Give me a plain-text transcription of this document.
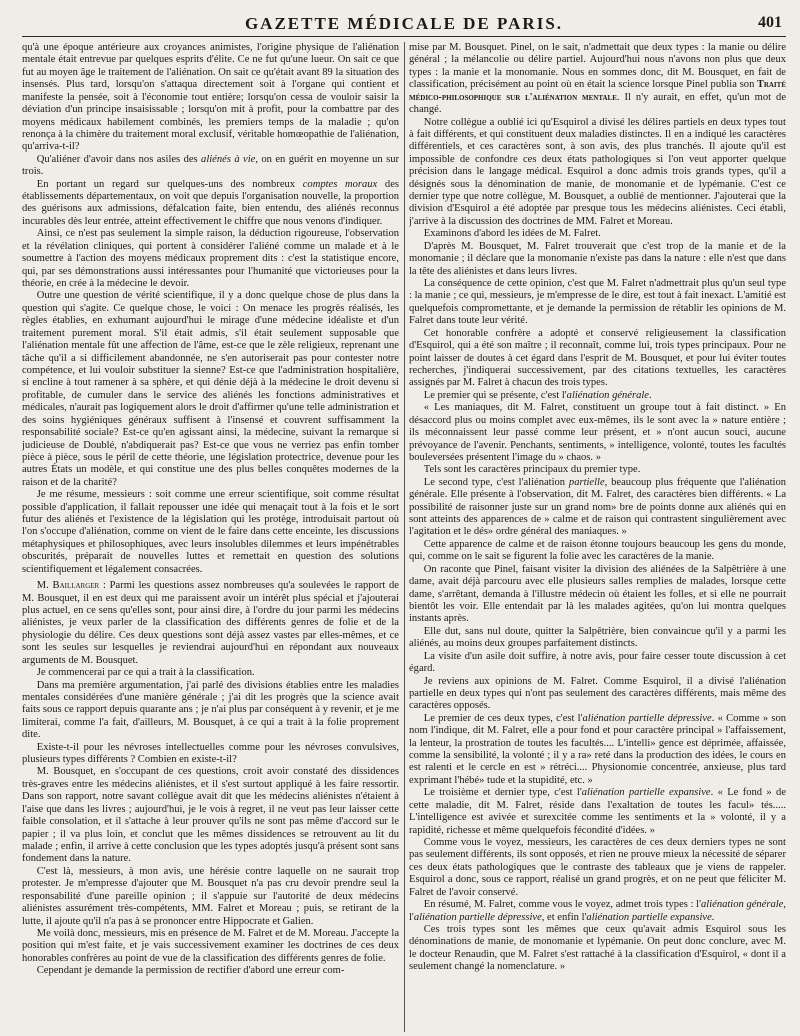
GAZETTE MÉDICALE DE PARIS.	401

qu'à une époque antérieure aux croyances animistes, l'origine physique de l'aliénation mentale était entrevue par quelques esprits d'élite. Ce ne fut qu'une lueur. On sait ce que fut au moyen âge le traitement de l'aliénation. On sait ce qu'était avant 89 la situation des insensés. Plus tard, lorsqu'on s'attaqua directement soit à l'organe qui contient et manifeste la pensée, soit à l'économie tout entière; lorsqu'on cessa de vouloir saisir la déviation d'un principe insaisissable ; lorsqu'on mit à profit, pour la combattre par des moyens médicaux habilement combinés, les premiers temps de la maladie ; qu'on renonça à la chimère du traitement moral exclusif, véritable homœopathie de l'aliénation, qu'arriva-t-il?

Qu'aliéner d'avoir dans nos asiles des aliénés à vie, on en guérit en moyenne un sur trois.

En portant un regard sur quelques-uns des nombreux comptes moraux des établissements départementaux, on voit que depuis l'organisation nouvelle, la proportion des guérisons aux admissions, défalcation faite, bien entendu, des aliénés reconnus incurables dès leur entrée, atteint effectivement le chiffre que nous venons d'indiquer.

Ainsi, ce n'est pas seulement la simple raison, la déduction rigoureuse, l'observation et la révélation cliniques, qui portent à considérer l'aliéné comme un malade et à le soumettre à l'action des moyens médicaux proprement dits : c'est la statistique encore, qui, par ses démonstrations aussi intéressantes pour l'humanité que victorieuses pour la théorie, en crée à la médecine le devoir.

Outre une question de vérité scientifique, il y a donc quelque chose de plus dans la question qui s'agite. Ce quelque chose, le voici : On menace les progrès réalisés, les règles établies, en exhumant aujourd'hui le mirage d'une médecine idéaliste et d'un traitement purement moral. S'il était admis, s'il était seulement supposable que l'aliénation mentale fût une affection de l'âme, est-ce que le zèle religieux, reprenant une tâche qu'il a si difficilement abandonnée, ne s'en autoriserait pas pour contester notre compétence, et lui vouloir substituer la sienne? Est-ce que l'administration hospitalière, si encline à tout ramener à sa sphère, et qui dénie déjà à la médecine le droit devenu si profitable, de cumuler dans le service des aliénés les fonctions administratives et médicales, n'aurait pas logiquement alors le droit d'affirmer qu'une telle administration et des soins hygiéniques généraux suffisent à l'insensé et couvrent suffisamment la responsabilité sociale? Est-ce qu'en agissant ainsi, la médecine, suivant la remarque si judicieuse de Doublé, n'abdiquerait pas? Est-ce que vous ne verriez pas enfin tomber pièce à pièce, sous le péril de cette théorie, une législation protectrice, devenue pour les autres États un modèle, et qui constitue une des plus belles conquêtes modernes de la raison et de la charité?

Je me résume, messieurs : soit comme une erreur scientifique, soit comme résultat possible d'application, il fallait repousser une idée qui menaçait tout à la fois et le sort futur des aliénés et l'existence de la législation qui les protège, introduisait partout où l'on s'occupe d'aliénation, comme on vient de le faire dans cette enceinte, les discussions métaphysiques et philosophiques, avec leurs insolubles dilemmes et leurs impénétrables obscurités, préparait de nouvelles luttes et remettait en question des solutions scientifiquement et légalement consacrées.

M. Baillarger : Parmi les questions assez nombreuses qu'a soulevées le rapport de M. Bousquet, il en est deux qui me paraissent avoir un intérêt plus spécial et j'ajouterai plus actuel, en ce sens qu'elles sont, pour ainsi dire, à l'ordre du jour parmi les médecins aliénistes, je veux parler de la classification des différents genres de folie et de la physiologie du délire. Ces deux questions sont déjà assez vastes par elles-mêmes, et ce sont les seules sur lesquelles je reviendrai aujourd'hui en répondant aux nouveaux arguments de M. Bousquet.

Je commencerai par ce qui a trait à la classification.

Dans ma première argumentation, j'ai parlé des divisions établies entre les maladies mentales considérées d'une manière générale ; j'ai dit les progrès que la science avait faits sous ce rapport depuis quarante ans ; je n'ai plus par conséquent à y revenir, et je me limiterai, comme l'a fait, d'ailleurs, M. Bousquet, à ce qui a trait à la folie proprement dite.

Existe-t-il pour les névroses intellectuelles comme pour les névroses convulsives, plusieurs types différents ? Combien en existe-t-il?

M. Bousquet, en s'occupant de ces questions, croit avoir constaté des dissidences très-graves entre les médecins aliénistes, et il s'est surtout appliqué à les faire ressortir. Dans son rapport, notre savant collègue avait dit que les médecins aliénistes n'étaient à l'aise que dans les livres ; aujourd'hui, je le vois à regret, il ne veut pas leur laisser cette faible consolation, et il s'attache à leur prouver qu'ils ne sont pas même d'accord sur le papier ; il va plus loin, et conclut que les mêmes dissidences se retrouvent au lit du malade ; enfin, il arrive à cette conclusion que les types adoptés jusqu'à présent sont sans fondement dans la nature.

C'est là, messieurs, à mon avis, une hérésie contre laquelle on ne saurait trop protester. Je m'empresse d'ajouter que M. Bousquet n'a pas cru devoir prendre seul la responsabilité d'une pareille opinion ; il s'appuie sur l'autorité de deux médecins aliénistes assurément très-compétents, MM. Falret et Moreau ; puis, se retirant de la lutte, il ajoute qu'il n'a pas à se prononcer entre Hippocrate et Galien.

Me voilà donc, messieurs, mis en présence de M. Falret et de M. Moreau. J'accepte la position qui m'est faite, et je vais successivement examiner les doctrines de ces deux honorables confrères au point de vue de la classification des différents genres de folie.

Cependant je demande la permission de rectifier d'abord une erreur com-

mise par M. Bousquet. Pinel, on le sait, n'admettait que deux types : la manie ou délire général ; la mélancolie ou délire partiel. Aujourd'hui nous n'avons non plus que deux types : la manie et la monomanie. Nous en sommes donc, dit M. Bousquet, en fait de classification, précisément au point où en était la science lorsque Pinel publia son Traité médico-philosophique sur l'aliénation mentale. Il n'y aurait, en effet, qu'un mot de changé.

Notre collègue a oublié ici qu'Esquirol a divisé les délires partiels en deux types tout à fait différents, et qui constituent deux maladies distinctes. Il en a indiqué les caractères différentiels, et ces caractères sont, à son avis, des plus tranchés. Il ajoute qu'il est impossible de confondre ces deux états pathologiques si l'on veut apporter quelque précision dans le langage médical. Esquirol a donc admis trois grands types, qu'il a désignés sous la dénomination de manie, de monomanie et de lypémanie. C'est ce dernier type que notre collègue, M. Bousquet, a oublié de mentionner. J'ajouterai que la division d'Esquirol a été adoptée par presque tous les médecins aliénistes. Ceci établi, j'arrive à la discussion des doctrines de MM. Falret et Moreau.

Examinons d'abord les idées de M. Falret.

D'après M. Bousquet, M. Falret trouverait que c'est trop de la manie et de la monomanie ; il déclare que la monomanie n'existe pas dans la nature : elle n'est que dans la tête des aliénistes et dans leurs livres.

La conséquence de cette opinion, c'est que M. Falret n'admettrait plus qu'un seul type : la manie ; ce qui, messieurs, je m'empresse de le dire, est tout à fait inexact. L'amitié est quelquefois compromettante, et je demande la permission de rétablir les opinions de M. Falret dans toute leur vérité.

Cet honorable confrère a adopté et conservé religieusement la classification d'Esquirol, qui a été son maître ; il reconnaît, comme lui, trois types principaux. Pour ne point laisser de doutes à cet égard dans l'esprit de M. Bousquet, et pour lui éviter toutes recherches, j'indiquerai successivement, par des citations textuelles, les caractères assignés par M. Falret à chacun des trois types.

Le premier qui se présente, c'est l'aliénation générale.

« Les maniaques, dit M. Falret, constituent un groupe tout à fait distinct. » En désaccord plus ou moins complet avec eux-mêmes, ils le sont avec la » nature entière ; ils méconnaissent leur passé comme leur présent, et » n'ont aucun souci, aucune prévoyance de l'avenir. Penchants, sentiments, » intelligence, volonté, toutes les facultés bouleversées présentent l'image du » chaos. »

Tels sont les caractères principaux du premier type.

Le second type, c'est l'aliénation partielle, beaucoup plus fréquente que l'aliénation générale. Elle présente à l'observation, dit M. Falret, des caractères bien différents. « La possibilité de raisonner juste sur un grand nom» bre de points donne aux aliénés qui en sont atteints des apparences de » calme et de raison qui contrastent singulièrement avec l'agitation et le dés» ordre général des maniaques. »

Cette apparence de calme et de raison étonne toujours beaucoup les gens du monde, qui, comme on le sait se figurent la folie avec les caractères de la manie.

On raconte que Pinel, faisant visiter la division des aliénées de la Salpêtrière à une dame, avait déjà parcouru avec elle plusieurs salles remplies de malades, lorsque cette dame, s'arrêtant, demanda à l'illustre médecin où étaient les folles, et si elle ne pourrait bientôt les voir. Elle entendait par là les malades agitées, qu'on lui montra quelques instants après.

Elle dut, sans nul doute, quitter la Salpêtrière, bien convaincue qu'il y a parmi les aliénés, au moins deux groupes parfaitement distincts.

La visite d'un asile doit suffire, à notre avis, pour faire cesser toute discussion à cet égard.

Je reviens aux opinions de M. Falret. Comme Esquirol, il a divisé l'aliénation partielle en deux types qui n'ont pas seulement des caractères différents, mais même des caractères opposés.

Le premier de ces deux types, c'est l'aliénation partielle dépressive. « Comme » son nom l'indique, dit M. Falret, elle a pour fond et pour caractère principal » l'affaissement, la lenteur, la prostration de toutes les facultés.... L'intelli» gence est déprimée, affaissée, comme la sensibilité, la volonté ; il y a ra» reté dans la production des idées, le cours en est ralenti et le cercle en est » rétréci.... Physionomie concentrée, anxieuse, plus tard exprimant l'hébé» tude et la stupidité, etc. »

Le troisième et dernier type, c'est l'aliénation partielle expansive. « Le fond » de cette maladie, dit M. Falret, réside dans l'exaltation de toutes les facul» tés..... L'intelligence est avivée et surexcitée comme les sentiments et la » volonté, il y a rapidité, richesse et même quelquefois fécondité d'idées. »

Comme vous le voyez, messieurs, les caractères de ces deux derniers types ne sont pas seulement différents, ils sont opposés, et rien ne prouve mieux la nécessité de séparer ces deux états pathologiques que le contraste des tableaux que je viens de rappeler. Esquirol a donc, sous ce rapport, réalisé un grand progrès, et on ne peut que féliciter M. Falret de l'avoir conservé.

En résumé, M. Falret, comme vous le voyez, admet trois types : l'aliénation générale, l'aliénation partielle dépressive, et enfin l'aliénation partielle expansive.

Ces trois types sont les mêmes que ceux qu'avait admis Esquirol sous les dénominations de manie, de monomanie et lypémanie. On peut donc conclure, avec M. le docteur Renaudin, que M. Falret s'est rattaché à la classification d'Esquirol, « dont il a seulement changé la nomenclature. »
